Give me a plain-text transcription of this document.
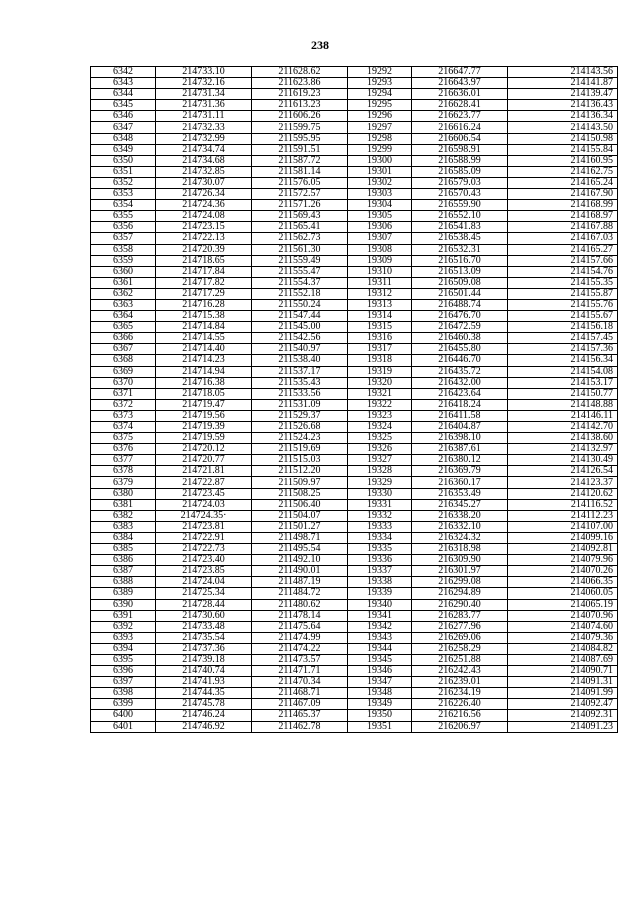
238
6342	214733.10	211628.62	19292	216647.77	214143.56
6343	214732.16	211623.86	19293	216643.97	214141.87
6344	214731.34	211619.23	19294	216636.01	214139.47
6345	214731.36	211613.23	19295	216628.41	214136.43
6346	214731.11	211606.26	19296	216623.77	214136.34
6347	214732.33	211599.75	19297	216616.24	214143.50
6348	214732.99	211595.95	19298	216606.54	214150.98
6349	214734.74	211591.51	19299	216598.91	214155.84
6350	214734.68	211587.72	19300	216588.99	214160.95
6351	214732.85	211581.14	19301	216585.09	214162.75
6352	214730.07	211576.05	19302	216579.03	214165.24
6353	214726.34	211572.57	19303	216570.43	214167.90
6354	214724.36	211571.26	19304	216559.90	214168.99
6355	214724.08	211569.43	19305	216552.10	214168.97
6356	214723.15	211565.41	19306	216541.83	214167.88
6357	214722.13	211562.73	19307	216538.45	214167.03
6358	214720.39	211561.30	19308	216532.31	214165.27
6359	214718.65	211559.49	19309	216516.70	214157.66
6360	214717.84	211555.47	19310	216513.09	214154.76
6361	214717.82	211554.37	19311	216509.08	214155.35
6362	214717.29	211552.18	19312	216501.44	214155.87
6363	214716.28	211550.24	19313	216488.74	214155.76
6364	214715.38	211547.44	19314	216476.70	214155.67
6365	214714.84	211545.00	19315	216472.59	214156.18
6366	214714.55	211542.56	19316	216460.38	214157.45
6367	214714.40	211540.97	19317	216455.80	214157.36
6368	214714.23	211538.40	19318	216446.70	214156.34
6369	214714.94	211537.17	19319	216435.72	214154.08
6370	214716.38	211535.43	19320	216432.00	214153.17
6371	214718.05	211533.56	19321	216423.64	214150.77
6372	214719.47	211531.09	19322	216418.24	214148.88
6373	214719.56	211529.37	19323	216411.58	214146.11
6374	214719.39	211526.68	19324	216404.87	214142.70
6375	214719.59	211524.23	19325	216398.10	214138.60
6376	214720.12	211519.69	19326	216387.61	214132.97
6377	214720.77	211515.03	19327	216380.12	214130.49
6378	214721.81	211512.20	19328	216369.79	214126.54
6379	214722.87	211509.97	19329	216360.17	214123.37
6380	214723.45	211508.25	19330	216353.49	214120.62
6381	214724.03	211506.40	19331	216345.27	214116.52
6382	214724.35·	211504.07	19332	216338.20	214112.23
6383	214723.81	211501.27	19333	216332.10	214107.00
6384	214722.91	211498.71	19334	216324.32	214099.16
6385	214722.73	211495.54	19335	216318.98	214092.81
6386	214723.40	211492.10	19336	216309.90	214079.96
6387	214723.85	211490.01	19337	216301.97	214070.26
6388	214724.04	211487.19	19338	216299.08	214066.35
6389	214725.34	211484.72	19339	216294.89	214060.05
6390	214728.44	211480.62	19340	216290.40	214065.19
6391	214730.60	211478.14	19341	216283.77	214070.96
6392	214733.48	211475.64	19342	216277.96	214074.60
6393	214735.54	211474.99	19343	216269.06	214079.36
6394	214737.36	211474.22	19344	216258.29	214084.82
6395	214739.18	211473.57	19345	216251.88	214087.69
6396	214740.74	211471.71	19346	216242.43	214090.71
6397	214741.93	211470.34	19347	216239.01	214091.31
6398	214744.35	211468.71	19348	216234.19	214091.99
6399	214745.78	211467.09	19349	216226.40	214092.47
6400	214746.24	211465.37	19350	216216.56	214092.31
6401	214746.92	211462.78	19351	216206.97	214091.23
